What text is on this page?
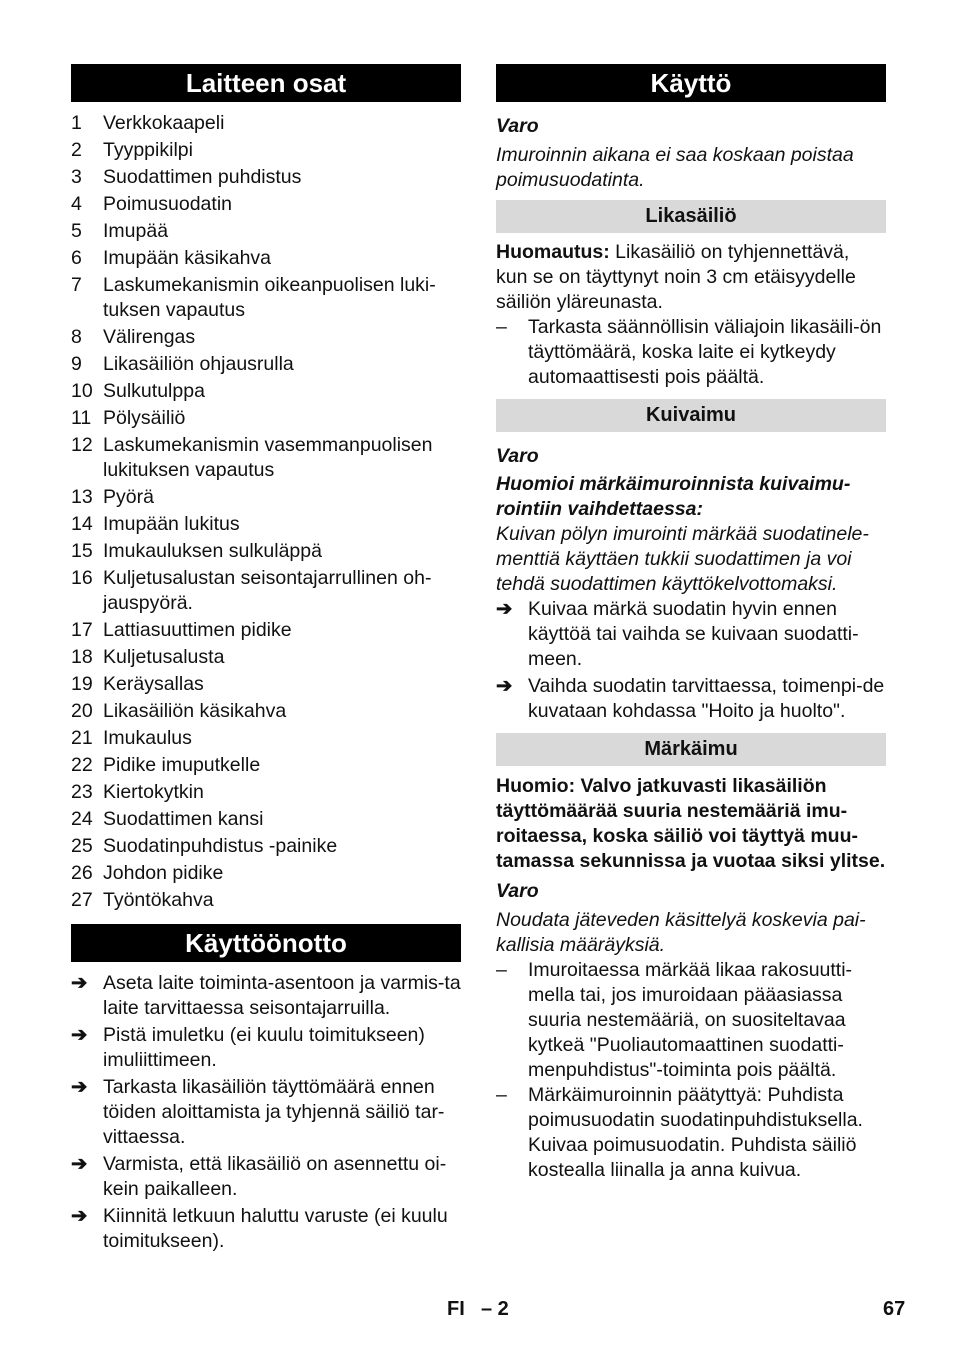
Laitteen osat
1	Verkkokaapeli
2	Tyyppikilpi
3	Suodattimen puhdistus
4	Poimusuodatin
5	Imupää
6	Imupään käsikahva
7	Laskumekanismin oikeanpuolisen luki-tuksen vapautus
8	Välirengas
9	Likasäiliön ohjausrulla
10 Sulkutulppa
11 Pölysäiliö
12 Laskumekanismin vasemmanpuolisen lukituksen vapautus
13 Pyörä
14 Imupään lukitus
15 Imukauluksen sulkuläppä
16 Kuljetusalustan seisontajarrullinen oh-jauspyörä.
17 Lattiasuuttimen pidike
18 Kuljetusalusta
19 Keräysallas
20 Likasäiliön käsikahva
21 Imukaulus
22 Pidike imuputkelle
23 Kiertokytkin
24 Suodattimen kansi
25 Suodatinpuhdistus -painike
26 Johdon pidike
27 Työntökahva
Käyttöönotto
➔ Aseta laite toiminta-asentoon ja varmis-ta laite tarvittaessa seisontajarruilla.
➔ Pistä imuletku (ei kuulu toimitukseen) imuliittimeen.
➔ Tarkasta likasäiliön täyttömäärä ennen töiden aloittamista ja tyhjennä säiliö tar-vittaessa.
➔ Varmista, että likasäiliö on asennettu oi-kein paikalleen.
➔ Kiinnitä letkuun haluttu varuste (ei kuulu toimitukseen).
Käyttö

Varo

Imuroinnin aikana ei saa koskaan poistaa poimusuodatinta.

Likasäiliö

Huomautus: Likasäiliö on tyhjennettävä, kun se on täyttynyt noin 3 cm etäisyydelle säiliön yläreunasta.

–	Tarkasta säännöllisin väliajoin likasäili-ön täyttömäärä, koska laite ei kytkeydy automaattisesti pois päältä.
Kuivaimu

Varo

Huomioi märkäimuroinnista kuivaimu-rointiin vaihdettaessa:

Kuivan pölyn imurointi märkää suodatinele-menttiä käyttäen tukkii suodattimen ja voi tehdä suodattimen käyttökelvottomaksi.

➔ Kuivaa märkä suodatin hyvin ennen käyttöä tai vaihda se kuivaan suodatti-meen.
➔ Vaihda suodatin tarvittaessa, toimenpi-de kuvataan kohdassa "Hoito ja huolto".
Märkäimu

Huomio: Valvo jatkuvasti likasäiliön täyttömäärää suuria nestemääriä imu-roitaessa, koska säiliö voi täyttyä muu-tamassa sekunnissa ja vuotaa siksi ylitse.

Varo

Noudata jäteveden käsittelyä koskevia pai-kallisia määräyksiä.

–	Imuroitaessa märkää likaa rakosuutti-mella tai, jos imuroidaan pääasiassa suuria nestemääriä, on suositeltavaa kytkeä "Puoliautomaattinen suodatti-menpuhdistus"-toiminta pois päältä.
–	Märkäimuroinnin päätyttyä: Puhdista poimusuodatin suodatinpuhdistuksella. Kuivaa poimusuodatin. Puhdista säiliö kostealla liinalla ja anna kuivua.
FI – 2	67
